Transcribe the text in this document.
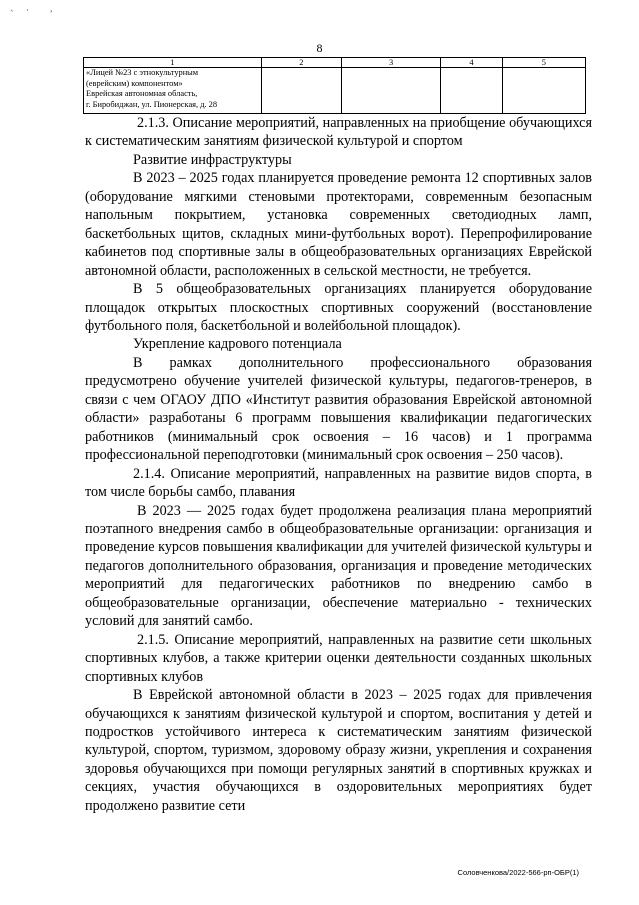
ˋ · ˒
8
1	2	3	4	5

«Лицей №23 с этнокультурным
(еврейским) компонентом»
Еврейская автономная область,
г. Биробиджан, ул. Пионерская, д. 28				

2.1.3. Описание мероприятий, направленных на приобщение обучающихся к систематическим занятиям физической культурой и спортом

Развитие инфраструктуры

В 2023 – 2025 годах планируется проведение ремонта 12 спортивных залов (оборудование мягкими стеновыми протекторами, современным безопасным напольным покрытием, установка современных светодиодных ламп, баскетбольных щитов, складных мини-футбольных ворот). Перепрофилирование кабинетов под спортивные залы в общеобразовательных организациях Еврейской автономной области, расположенных в сельской местности, не требуется.

В 5 общеобразовательных организациях планируется оборудование площадок открытых плоскостных спортивных сооружений (восстановление футбольного поля, баскетбольной и волейбольной площадок).

Укрепление кадрового потенциала

В рамках дополнительного профессионального образования предусмотрено обучение учителей физической культуры, педагогов-тренеров, в связи с чем ОГАОУ ДПО «Институт развития образования Еврейской автономной области» разработаны 6 программ повышения квалификации педагогических работников (минимальный срок освоения – 16 часов) и 1 программа профессиональной переподготовки (минимальный срок освоения – 250 часов).

2.1.4. Описание мероприятий, направленных на развитие видов спорта, в том числе борьбы самбо, плавания

В 2023 — 2025 годах будет продолжена реализация плана мероприятий поэтапного внедрения самбо в общеобразовательные организации: организация и проведение курсов повышения квалификации для учителей физической культуры и педагогов дополнительного образования, организация и проведение методических мероприятий для педагогических работников по внедрению самбо в общеобразовательные организации, обеспечение материально - технических условий для занятий самбо.

2.1.5. Описание мероприятий, направленных на развитие сети школьных спортивных клубов, а также критерии оценки деятельности созданных школьных спортивных клубов

В Еврейской автономной области в 2023 – 2025 годах для привлечения обучающихся к занятиям физической культурой и спортом, воспитания у детей и подростков устойчивого интереса к систематическим занятиям физической культурой, спортом, туризмом, здоровому образу жизни, укрепления и сохранения здоровья обучающихся при помощи регулярных занятий в спортивных кружках и секциях, участия обучающихся в оздоровительных мероприятиях будет продолжено развитие сети

Соловченкова/2022-566-рп-ОБР(1)
